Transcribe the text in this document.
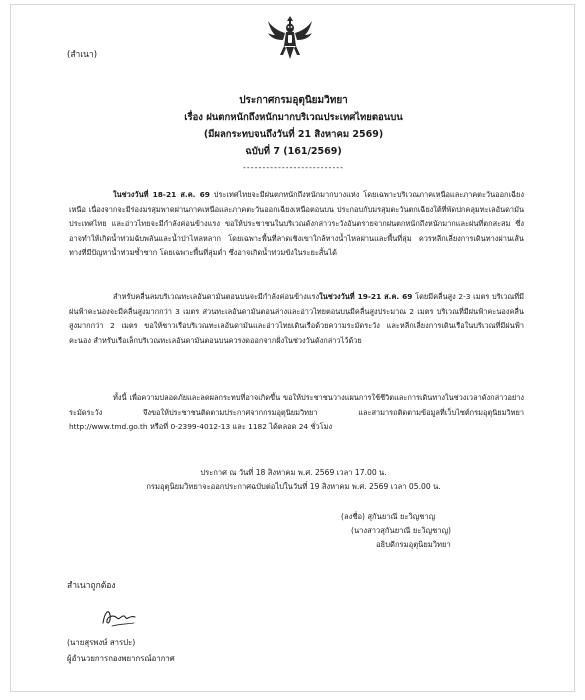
(สำเนา)
ประกาศกรมอุตุนิยมวิทยา
เรื่อง ฝนตกหนักถึงหนักมากบริเวณประเทศไทยตอนบน
(มีผลกระทบจนถึงวันที่ 21 สิงหาคม 2569)
ฉบับที่ 7 (161/2569)
--------------------------

ในช่วงวันที่ 18-21 ส.ค. 69 ประเทศไทยจะมีฝนตกหนักถึงหนักมากบางแห่ง โดยเฉพาะบริเวณภาคเหนือและภาคตะวันออกเฉียงเหนือ เนื่องจากจะมีร่องมรสุมพาดผ่านภาคเหนือและภาคตะวันออกเฉียงเหนือตอนบน ประกอบกับมรสุมตะวันตกเฉียงใต้ที่พัดปกคลุมทะเลอันดามัน ประเทศไทย และอ่าวไทยจะมีกำลังค่อนข้างแรง ขอให้ประชาชนในบริเวณดังกล่าวระวังอันตรายจากฝนตกหนักถึงหนักมากและฝนที่ตกสะสม ซึ่งอาจทำให้เกิดน้ำท่วมฉับพลันและน้ำป่าไหลหลาก โดยเฉพาะพื้นที่ลาดเชิงเขาใกล้ทางน้ำไหลผ่านและพื้นที่ลุ่ม ควรหลีกเลี่ยงการเดินทางผ่านเส้นทางที่มีปัญหาน้ำท่วมซ้ำซาก โดยเฉพาะพื้นที่ลุ่มต่ำ ซึ่งอาจเกิดน้ำท่วมขังในระยะสั้นได้

สำหรับคลื่นลมบริเวณทะเลอันดามันตอนบนจะมีกำลังค่อนข้างแรงในช่วงวันที่ 19-21 ส.ค. 69 โดยมีคลื่นสูง 2-3 เมตร บริเวณที่มีฝนฟ้าคะนองจะมีคลื่นสูงมากกว่า 3 เมตร ส่วนทะเลอันดามันตอนล่างและอ่าวไทยตอนบนมีคลื่นสูงประมาณ 2 เมตร บริเวณที่มีฝนฟ้าคะนองคลื่นสูงมากกว่า 2 เมตร ขอให้ชาวเรือบริเวณทะเลอันดามันและอ่าวไทยเดินเรือด้วยความระมัดระวัง และหลีกเลี่ยงการเดินเรือในบริเวณที่มีฝนฟ้าคะนอง สำหรับเรือเล็กบริเวณทะเลอันดามันตอนบนควรงดออกจากฝั่งในช่วงวันดังกล่าวไว้ด้วย

ทั้งนี้ เพื่อความปลอดภัยและลดผลกระทบที่อาจเกิดขึ้น ขอให้ประชาชนวางแผนการใช้ชีวิตและการเดินทางในช่วงเวลาดังกล่าวอย่างระมัดระวัง จึงขอให้ประชาชนติดตามประกาศจากกรมอุตุนิยมวิทยา และสามารถติดตามข้อมูลที่เว็บไซต์กรมอุตุนิยมวิทยา http://www.tmd.go.th หรือที่ 0-2399-4012-13 และ 1182 ได้ตลอด 24 ชั่วโมง

ประกาศ ณ วันที่ 18 สิงหาคม พ.ศ. 2569 เวลา 17.00 น.
กรมอุตุนิยมวิทยาจะออกประกาศฉบับต่อไปในวันที่ 19 สิงหาคม พ.ศ. 2569 เวลา 05.00 น.
(ลงชื่อ) สุกันยาณี ยะวิญชาญ
(นางสาวสุกันยาณี ยะวิญชาญ)
อธิบดีกรมอุตุนิยมวิทยา
สำเนาถูกต้อง
(นายสุรพงษ์ สารปะ)
ผู้อำนวยการกองพยากรณ์อากาศ
